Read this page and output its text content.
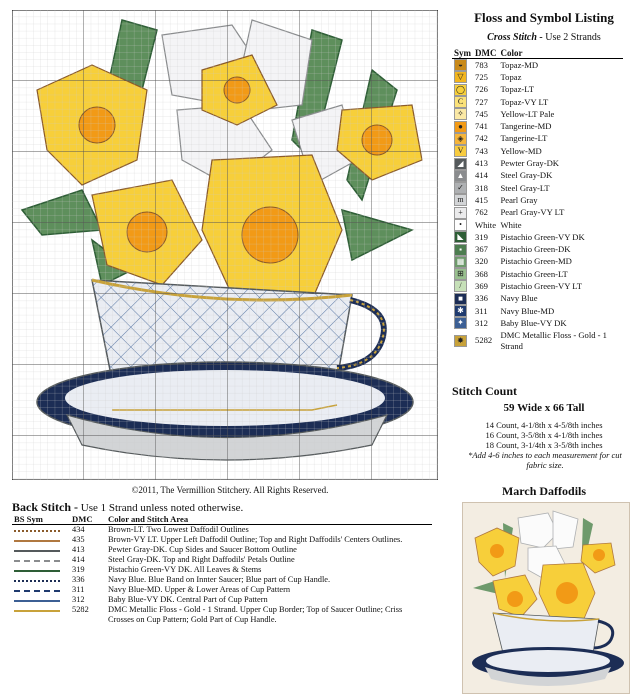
©2011, The Vermillion Stitchery. All Rights Reserved.
Floss and Symbol Listing
Cross Stitch - Use 2 Strands
Sym	DMC	Color
◒	783	Topaz-MD
▽	725	Topaz
◯	726	Topaz-LT
C	727	Topaz-VY LT
✧	745	Yellow-LT Pale
●	741	Tangerine-MD
◈	742	Tangerine-LT
V	743	Yellow-MD
◢	413	Pewter Gray-DK
▲	414	Steel Gray-DK
✓	318	Steel Gray-LT
m	415	Pearl Gray
+	762	Pearl Gray-VY LT
•	White	White
◣	319	Pistachio Green-VY DK
▪	367	Pistachio Green-DK
▦	320	Pistachio Green-MD
⊞	368	Pistachio Green-LT
/	369	Pistachio Green-VY LT
■	336	Navy Blue
✱	311	Navy Blue-MD
✦	312	Baby Blue-VY DK
✸	5282	DMC Metallic Floss - Gold - 1 Strand
Stitch Count
59 Wide x 66 Tall
14 Count, 4-1/8th x 4-5/8th inches
16 Count, 3-5/8th x 4-1/8th inches
18 Count, 3-1/4th x 3-5/8th inches
*Add 4-6 inches to each measurement for cut fabric size.
March Daffodils
Back Stitch - Use 1 Strand unless noted otherwise.
BS Sym	DMC	Color and Stitch Area
	434	Brown-LT. Two Lowest Daffodil Outlines
	435	Brown-VY LT. Upper Left Daffodil Outline; Top and Right Daffodils' Centers Outlines.
	413	Pewter Gray-DK. Cup Sides and Saucer Bottom Outline
	414	Steel Gray-DK. Top and Right Daffodils' Petals Outline
	319	Pistachio Green-VY DK. All Leaves & Stems
	336	Navy Blue. Blue Band on Innter Saucer; Blue part of Cup Handle.
	311	Navy Blue-MD. Upper & Lower Areas of Cup Pattern
	312	Baby Blue-VY DK. Central Part of Cup Pattern
	5282	DMC Metallic Floss - Gold - 1 Strand. Upper Cup Border; Top of Saucer Outline; Criss Crosses on Cup Pattern; Gold Part of Cup Handle.
